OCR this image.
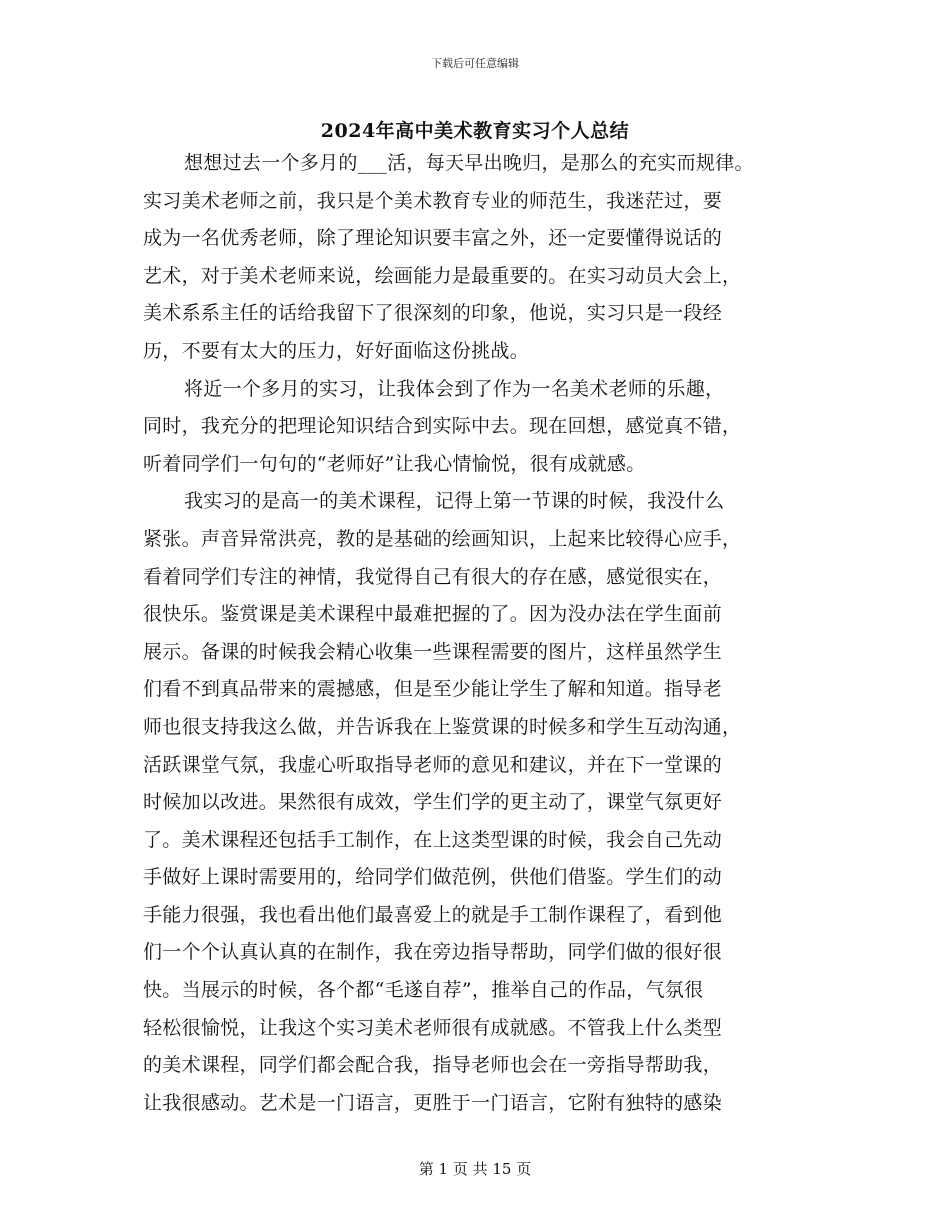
下载后可任意编辑
2024年高中美术教育实习个人总结
想想过去一个多月的___活，每天早出晚归，是那么的充实而规律。
实习美术老师之前，我只是个美术教育专业的师范生，我迷茫过，要
成为一名优秀老师，除了理论知识要丰富之外，还一定要懂得说话的
艺术，对于美术老师来说，绘画能力是最重要的。在实习动员大会上，
美术系系主任的话给我留下了很深刻的印象，他说，实习只是一段经
历，不要有太大的压力，好好面临这份挑战。
将近一个多月的实习，让我体会到了作为一名美术老师的乐趣，
同时，我充分的把理论知识结合到实际中去。现在回想，感觉真不错，
听着同学们一句句的“老师好”让我心情愉悦，很有成就感。
我实习的是高一的美术课程，记得上第一节课的时候，我没什么
紧张。声音异常洪亮，教的是基础的绘画知识，上起来比较得心应手，
看着同学们专注的神情，我觉得自己有很大的存在感，感觉很实在，
很快乐。鉴赏课是美术课程中最难把握的了。因为没办法在学生面前
展示。备课的时候我会精心收集一些课程需要的图片，这样虽然学生
们看不到真品带来的震撼感，但是至少能让学生了解和知道。指导老
师也很支持我这么做，并告诉我在上鉴赏课的时候多和学生互动沟通，
活跃课堂气氛，我虚心听取指导老师的意见和建议，并在下一堂课的
时候加以改进。果然很有成效，学生们学的更主动了，课堂气氛更好
了。美术课程还包括手工制作，在上这类型课的时候，我会自己先动
手做好上课时需要用的，给同学们做范例，供他们借鉴。学生们的动
手能力很强，我也看出他们最喜爱上的就是手工制作课程了，看到他
们一个个认真认真的在制作，我在旁边指导帮助，同学们做的很好很
快。当展示的时候，各个都“毛遂自荐”，推举自己的作品，气氛很
轻松很愉悦，让我这个实习美术老师很有成就感。不管我上什么类型
的美术课程，同学们都会配合我，指导老师也会在一旁指导帮助我，
让我很感动。艺术是一门语言，更胜于一门语言，它附有独特的感染
第 1 页 共 15 页
